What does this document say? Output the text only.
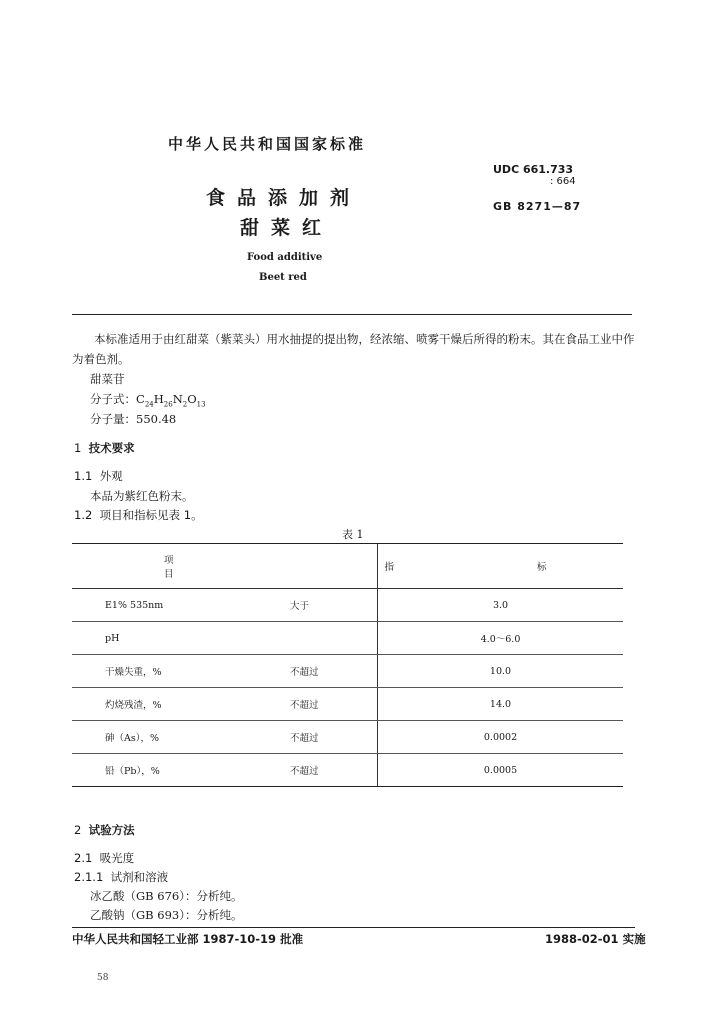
中华人民共和国国家标准
食品添加剂
甜菜红
Food additive
Beet red
UDC 661.733
: 664
GB 8271—87
本标准适用于由红甜菜（紫菜头）用水抽提的提出物，经浓缩、喷雾干燥后所得的粉末。其在食品工业中作为着色剂。
甜菜苷
分子式：$C_{24}H_{26}N_2O_{13}$
分子量：550.48
1 技术要求
1.1 外观
本品为紫红色粉末。
1.2 项目和指标见表 1。
表 1
项 目		指 标
E1% 535nm	大于	3.0
pH		4.0～6.0
干燥失重，%	不超过	10.0
灼烧残渣，%	不超过	14.0
砷（As），%	不超过	0.0002
铅（Pb），%	不超过	0.0005
2 试验方法
2.1 吸光度
2.1.1 试剂和溶液
冰乙酸（GB 676）：分析纯。
乙酸钠（GB 693）：分析纯。
中华人民共和国轻工业部 1987-10-19 批准	1988-02-01 实施
58
